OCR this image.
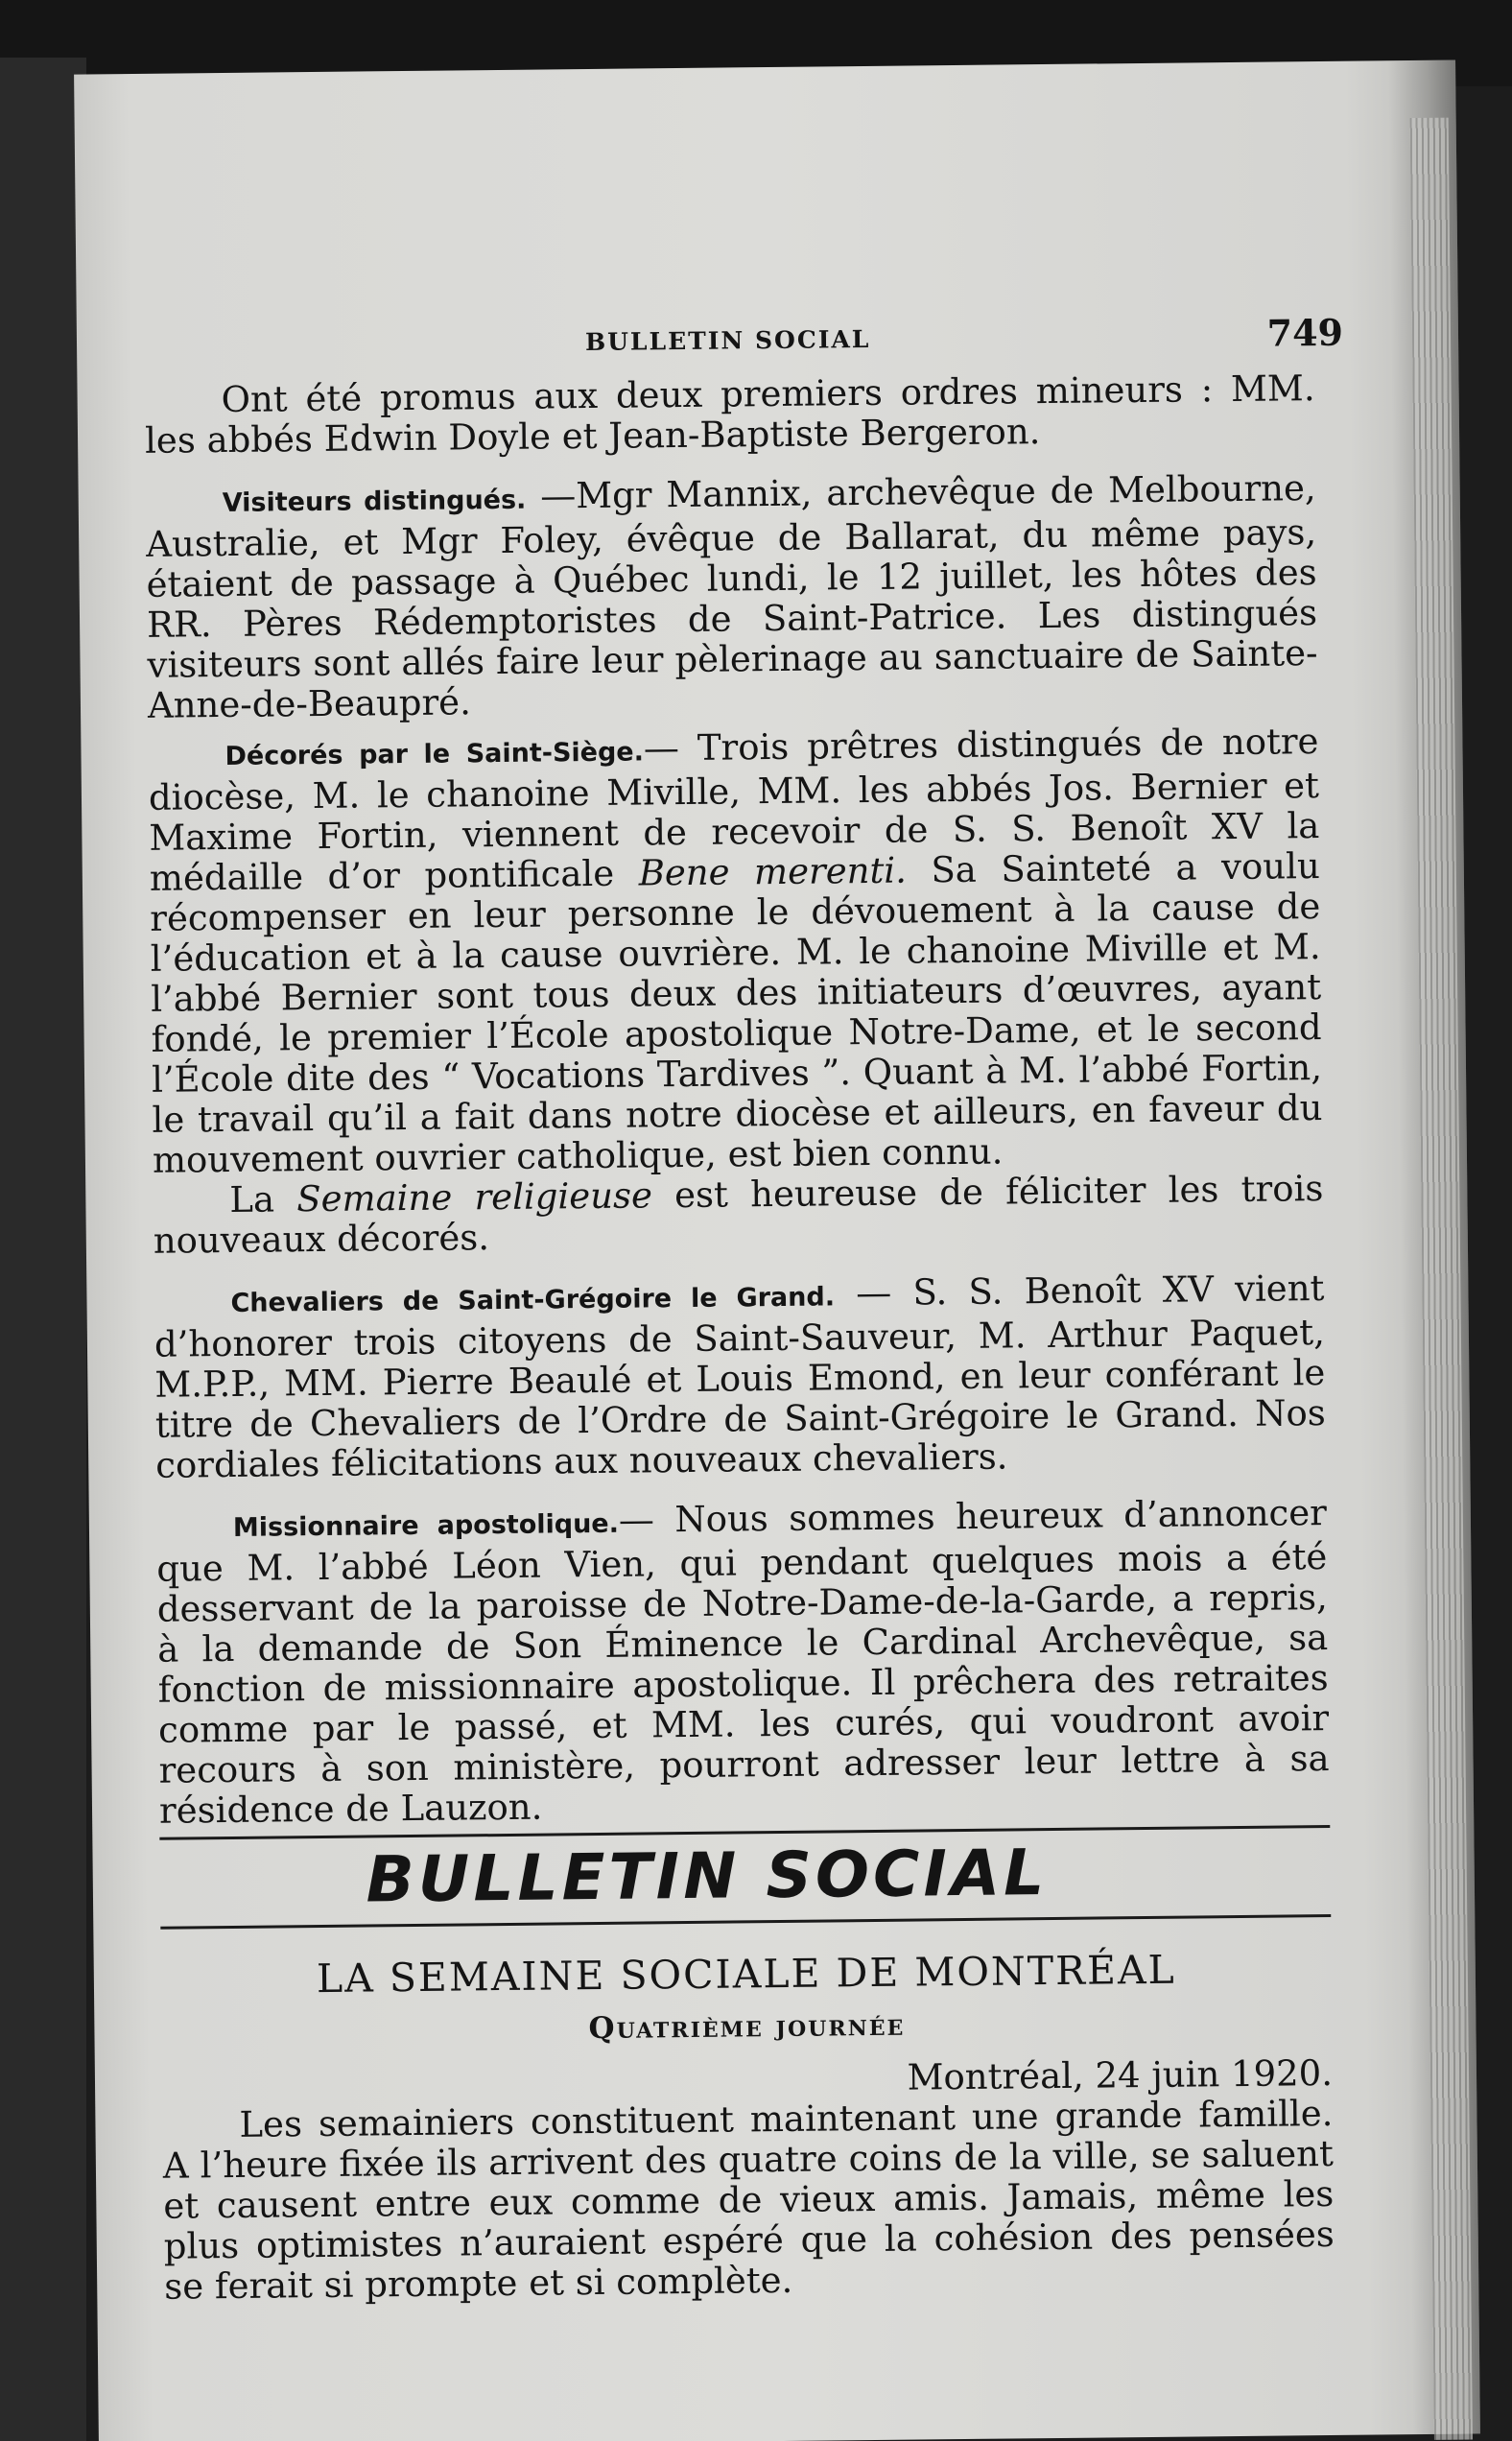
BULLETIN SOCIAL	749

Ont été promus aux deux premiers ordres mineurs : MM. les abbés Edwin Doyle et Jean-Baptiste Bergeron.

Visiteurs distingués. —Mgr Mannix, archevêque de Melbourne, Australie, et Mgr Foley, évêque de Ballarat, du même pays, étaient de passage à Québec lundi, le 12 juillet, les hôtes des RR. Pères Rédemptoristes de Saint-Patrice. Les distingués visiteurs sont allés faire leur pèlerinage au sanctuaire de Sainte-Anne-de-Beaupré.

Décorés par le Saint-Siège.— Trois prêtres distingués de notre diocèse, M. le chanoine Miville, MM. les abbés Jos. Bernier et Maxime Fortin, viennent de recevoir de S. S. Benoît XV la médaille d’or pontificale Bene merenti. Sa Sainteté a voulu récompenser en leur personne le dévouement à la cause de l’éducation et à la cause ouvrière. M. le chanoine Miville et M. l’abbé Bernier sont tous deux des initiateurs d’œuvres, ayant fondé, le premier l’École apostolique Notre-Dame, et le second l’École dite des “ Vocations Tardives ”. Quant à M. l’abbé Fortin, le travail qu’il a fait dans notre diocèse et ailleurs, en faveur du mouvement ouvrier catholique, est bien connu.

La Semaine religieuse est heureuse de féliciter les trois nouveaux décorés.

Chevaliers de Saint-Grégoire le Grand. — S. S. Benoît XV vient d’honorer trois citoyens de Saint-Sauveur, M. Arthur Paquet, M.P.P., MM. Pierre Beaulé et Louis Emond, en leur conférant le titre de Chevaliers de l’Ordre de Saint-Grégoire le Grand. Nos cordiales félicitations aux nouveaux chevaliers.

Missionnaire apostolique.— Nous sommes heureux d’annoncer que M. l’abbé Léon Vien, qui pendant quelques mois a été desservant de la paroisse de Notre-Dame-de-la-Garde, a repris, à la demande de Son Éminence le Cardinal Archevêque, sa fonction de missionnaire apostolique. Il prêchera des retraites comme par le passé, et MM. les curés, qui voudront avoir recours à son ministère, pourront adresser leur lettre à sa résidence de Lauzon.

BULLETIN SOCIAL
LA SEMAINE SOCIALE DE MONTRÉAL
Quatrième journée
Montréal, 24 juin 1920.

Les semainiers constituent maintenant une grande famille. A l’heure fixée ils arrivent des quatre coins de la ville, se saluent et causent entre eux comme de vieux amis. Jamais, même les plus optimistes n’auraient espéré que la cohésion des pensées se ferait si prompte et si complète.
